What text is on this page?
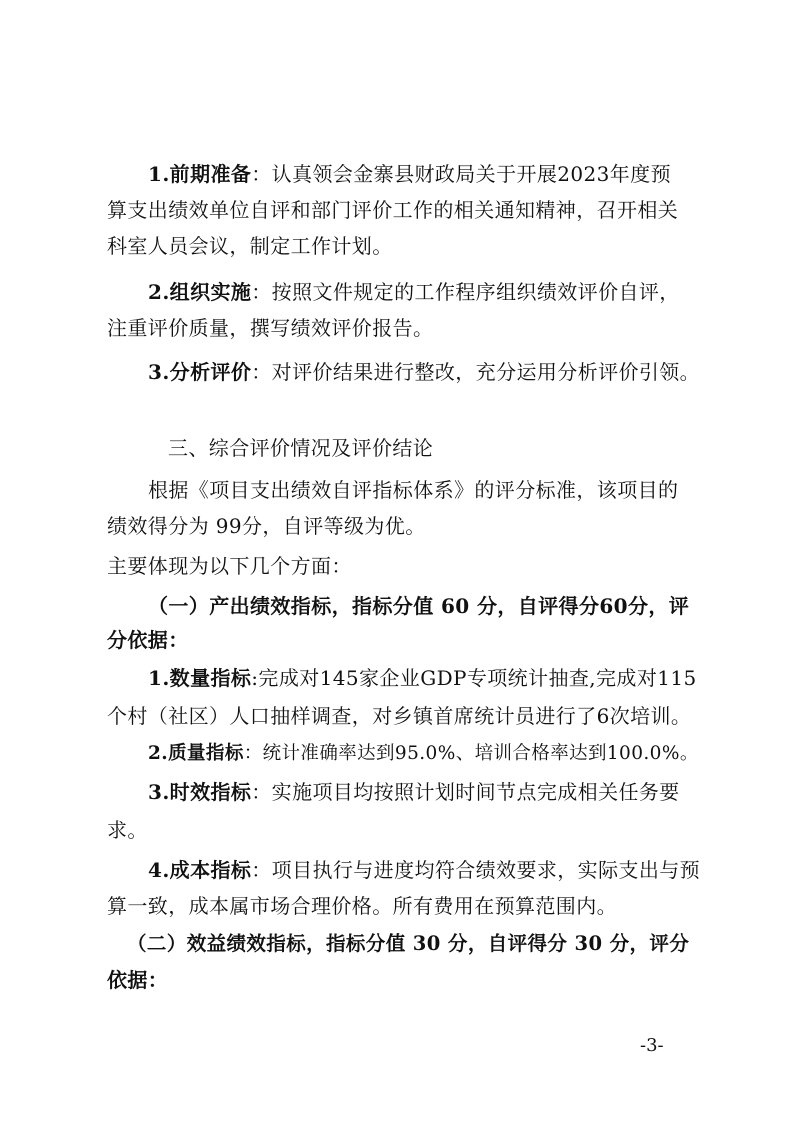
1.前期准备：认真领会金寨县财政局关于开展2023年度预
算支出绩效单位自评和部门评价工作的相关通知精神，召开相关
科室人员会议，制定工作计划。
2.组织实施：按照文件规定的工作程序组织绩效评价自评，
注重评价质量，撰写绩效评价报告。
3.分析评价：对评价结果进行整改，充分运用分析评价引领。
三、综合评价情况及评价结论
根据《项目支出绩效自评指标体系》的评分标准，该项目的
绩效得分为 99分，自评等级为优。
主要体现为以下几个方面：
（一）产出绩效指标，指标分值 60 分，自评得分60分，评
分依据：
1.数量指标:完成对145家企业GDP专项统计抽查,完成对115
个村（社区）人口抽样调查，对乡镇首席统计员进行了6次培训。
2.质量指标：统计准确率达到95.0%、培训合格率达到100.0%。
3.时效指标：实施项目均按照计划时间节点完成相关任务要
求。
4.成本指标：项目执行与进度均符合绩效要求，实际支出与预
算一致，成本属市场合理价格。所有费用在预算范围内。
（二）效益绩效指标，指标分值 30 分，自评得分 30 分，评分
依据：
-3-
